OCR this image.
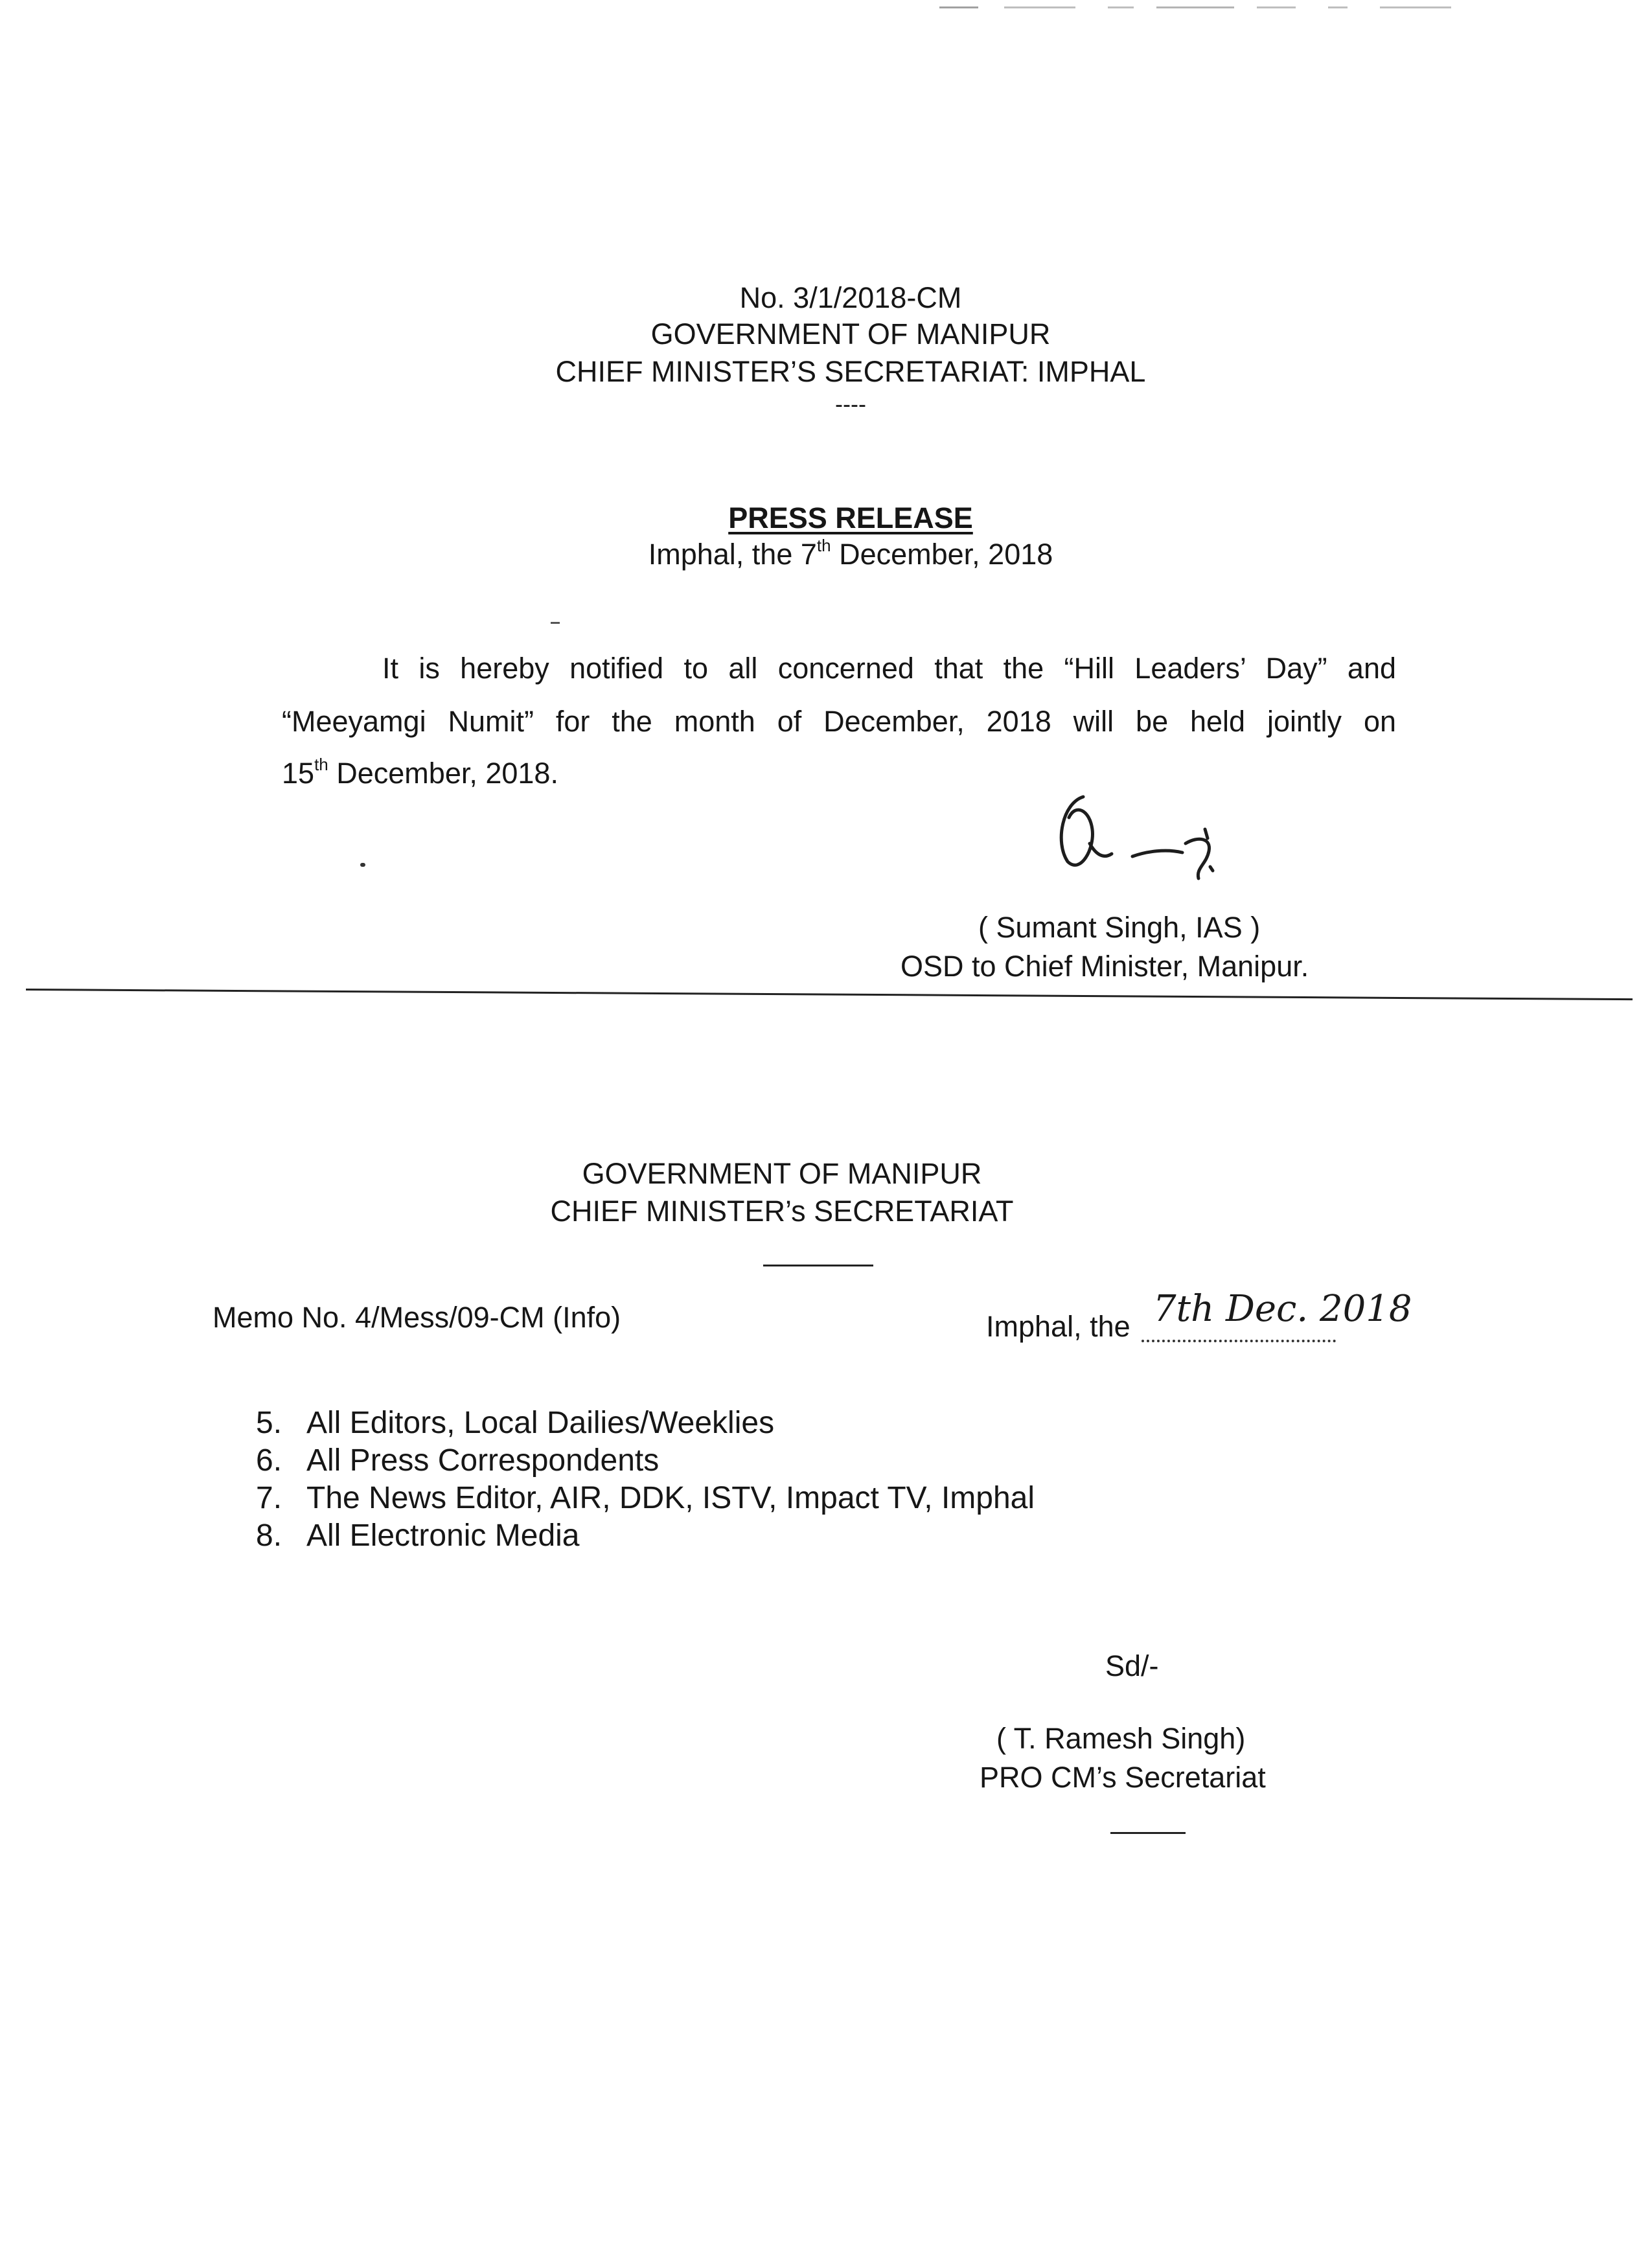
No. 3/1/2018-CM
GOVERNMENT OF MANIPUR
CHIEF MINISTER’S SECRETARIAT: IMPHAL
----
PRESS RELEASE
Imphal, the 7th December, 2018
It is hereby notified to all concerned that the “Hill Leaders’ Day” and
“Meeyamgi Numit” for the month of December, 2018 will be held jointly on
15th December, 2018.
( Sumant Singh, IAS )
OSD to Chief Minister, Manipur.
GOVERNMENT OF MANIPUR
CHIEF MINISTER’s SECRETARIAT
Memo No. 4/Mess/09-CM (Info)	Imphal, the 7th Dec. 2018
5. All Editors, Local Dailies/Weeklies
6. All Press Correspondents
7. The News Editor, AIR, DDK, ISTV, Impact TV, Imphal
8. All Electronic Media
Sd/-
( T. Ramesh Singh)
PRO CM’s Secretariat
